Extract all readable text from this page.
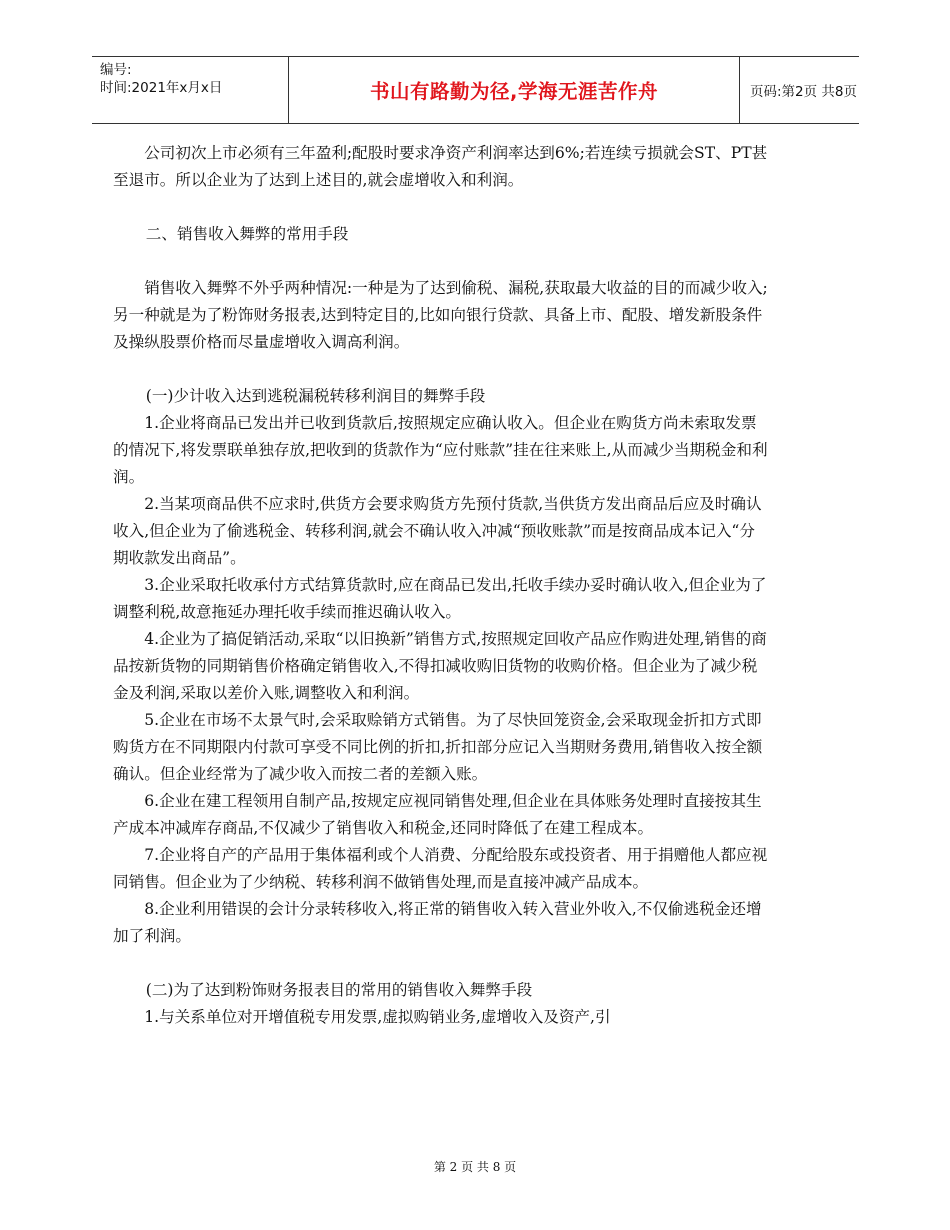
编号:
时间:2021年x月x日	书山有路勤为径,学海无涯苦作舟	页码:第2页 共8页

公司初次上市必须有三年盈利;配股时要求净资产利润率达到6%;若连续亏损就会ST、PT甚至退市。所以企业为了达到上述目的,就会虚增收入和利润。

二、销售收入舞弊的常用手段

销售收入舞弊不外乎两种情况:一种是为了达到偷税、漏税,获取最大收益的目的而减少收入;另一种就是为了粉饰财务报表,达到特定目的,比如向银行贷款、具备上市、配股、增发新股条件及操纵股票价格而尽量虚增收入调高利润。

(一)少计收入达到逃税漏税转移利润目的舞弊手段

1.企业将商品已发出并已收到货款后,按照规定应确认收入。但企业在购货方尚未索取发票的情况下,将发票联单独存放,把收到的货款作为“应付账款”挂在往来账上,从而减少当期税金和利润。

2.当某项商品供不应求时,供货方会要求购货方先预付货款,当供货方发出商品后应及时确认收入,但企业为了偷逃税金、转移利润,就会不确认收入冲减“预收账款”而是按商品成本记入“分期收款发出商品”。

3.企业采取托收承付方式结算货款时,应在商品已发出,托收手续办妥时确认收入,但企业为了调整利税,故意拖延办理托收手续而推迟确认收入。

4.企业为了搞促销活动,采取“以旧换新”销售方式,按照规定回收产品应作购进处理,销售的商品按新货物的同期销售价格确定销售收入,不得扣减收购旧货物的收购价格。但企业为了减少税金及利润,采取以差价入账,调整收入和利润。

5.企业在市场不太景气时,会采取赊销方式销售。为了尽快回笼资金,会采取现金折扣方式即购货方在不同期限内付款可享受不同比例的折扣,折扣部分应记入当期财务费用,销售收入按全额确认。但企业经常为了减少收入而按二者的差额入账。

6.企业在建工程领用自制产品,按规定应视同销售处理,但企业在具体账务处理时直接按其生产成本冲减库存商品,不仅减少了销售收入和税金,还同时降低了在建工程成本。

7.企业将自产的产品用于集体福利或个人消费、分配给股东或投资者、用于捐赠他人都应视同销售。但企业为了少纳税、转移利润不做销售处理,而是直接冲减产品成本。

8.企业利用错误的会计分录转移收入,将正常的销售收入转入营业外收入,不仅偷逃税金还增加了利润。

(二)为了达到粉饰财务报表目的常用的销售收入舞弊手段

1.与关系单位对开增值税专用发票,虚拟购销业务,虚增收入及资产,引

第 2 页 共 8 页
